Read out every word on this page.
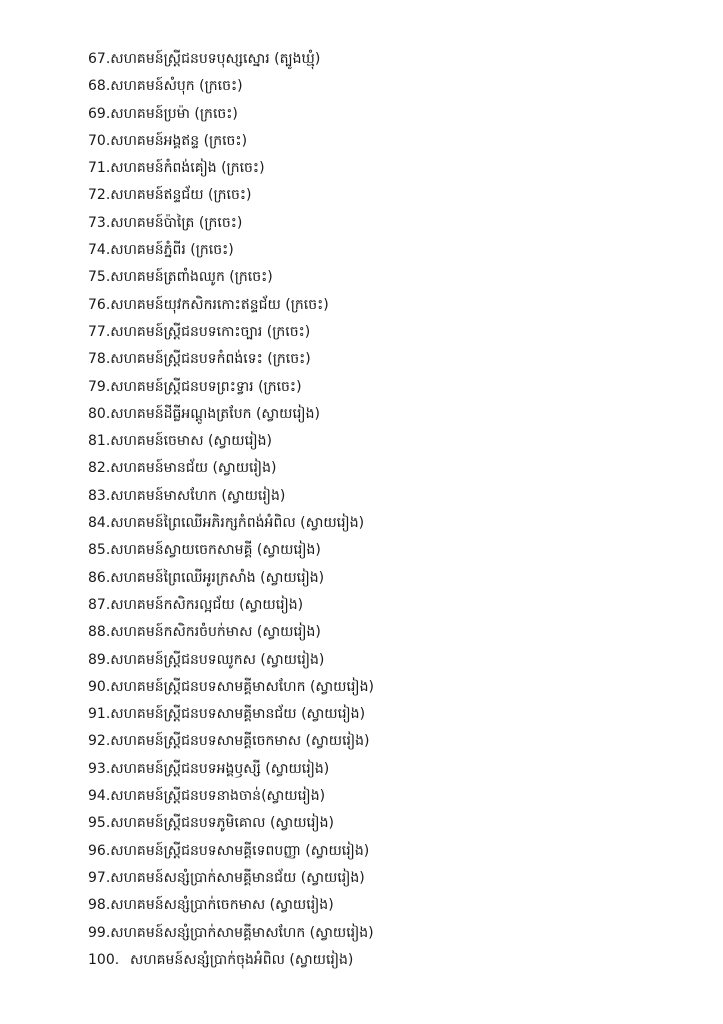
67.សហគមន៍ស្ត្រីជនបទបុស្សស្នោរ (ត្បូងឃ្មុំ)
68.សហគមន៍សំបុក (ក្រចេះ)
69.សហគមន៍ប្រម៉ា (ក្រចេះ)
70.សហគមន៍អង្គឥន្ទ (ក្រចេះ)
71.សហគមន៍កំពង់គៀង (ក្រចេះ)
72.សហគមន៍ឥន្ទជ័យ (ក្រចេះ)
73.សហគមន៍ប៉ាត្រៃ (ក្រចេះ)
74.សហគមន៍ភ្នំពីរ (ក្រចេះ)
75.សហគមន៍ត្រពាំងឈូក (ក្រចេះ)
76.សហគមន៍យុវកសិករកោះឥន្ទជ័យ (ក្រចេះ)
77.សហគមន៍ស្ត្រីជនបទកោះច្បារ (ក្រចេះ)
78.សហគមន៍ស្ត្រីជនបទកំពង់ទេះ (ក្រចេះ)
79.សហគមន៍ស្ត្រីជនបទព្រះទ្វារ (ក្រចេះ)
80.សហគមន៍ដីធ្លីអណ្តូងត្របែក (ស្វាយរៀង)
81.សហគមន៍ចេមាស (ស្វាយរៀង)
82.សហគមន៍មានជ័យ (ស្វាយរៀង)
83.សហគមន៍មាសហែក (ស្វាយរៀង)
84.សហគមន៍ព្រៃឈើអភិរក្សកំពង់អំពិល (ស្វាយរៀង)
85.សហគមន៍ស្វាយចេកសាមគ្គី (ស្វាយរៀង)
86.សហគមន៍ព្រៃឈើអូរក្រសាំង (ស្វាយរៀង)
87.សហគមន៍កសិករល្អជ័យ (ស្វាយរៀង)
88.សហគមន៍កសិករចំបក់មាស (ស្វាយរៀង)
89.សហគមន៍ស្ត្រីជនបទឈូកស (ស្វាយរៀង)
90.សហគមន៍ស្ត្រីជនបទសាមគ្គីមាសហែក (ស្វាយរៀង)
91.សហគមន៍ស្ត្រីជនបទសាមគ្គីមានជ័យ (ស្វាយរៀង)
92.សហគមន៍ស្ត្រីជនបទសាមគ្គីចេកមាស (ស្វាយរៀង)
93.សហគមន៍ស្ត្រីជនបទអង្គឫស្សី (ស្វាយរៀង)
94.សហគមន៍ស្ត្រីជនបទនាងចាន់(ស្វាយរៀង)
95.សហគមន៍ស្ត្រីជនបទភូមិគោល (ស្វាយរៀង)
96.សហគមន៍ស្ត្រីជនបទសាមគ្គីទេពបញ្ញា (ស្វាយរៀង)
97.សហគមន៍សន្សំប្រាក់សាមគ្គីមានជ័យ (ស្វាយរៀង)
98.សហគមន៍សន្សំប្រាក់ចេកមាស (ស្វាយរៀង)
99.សហគមន៍សន្សំប្រាក់សាមគ្គីមាសហែក (ស្វាយរៀង)
100. សហគមន៍សន្សំប្រាក់ចុងអំពិល (ស្វាយរៀង)
